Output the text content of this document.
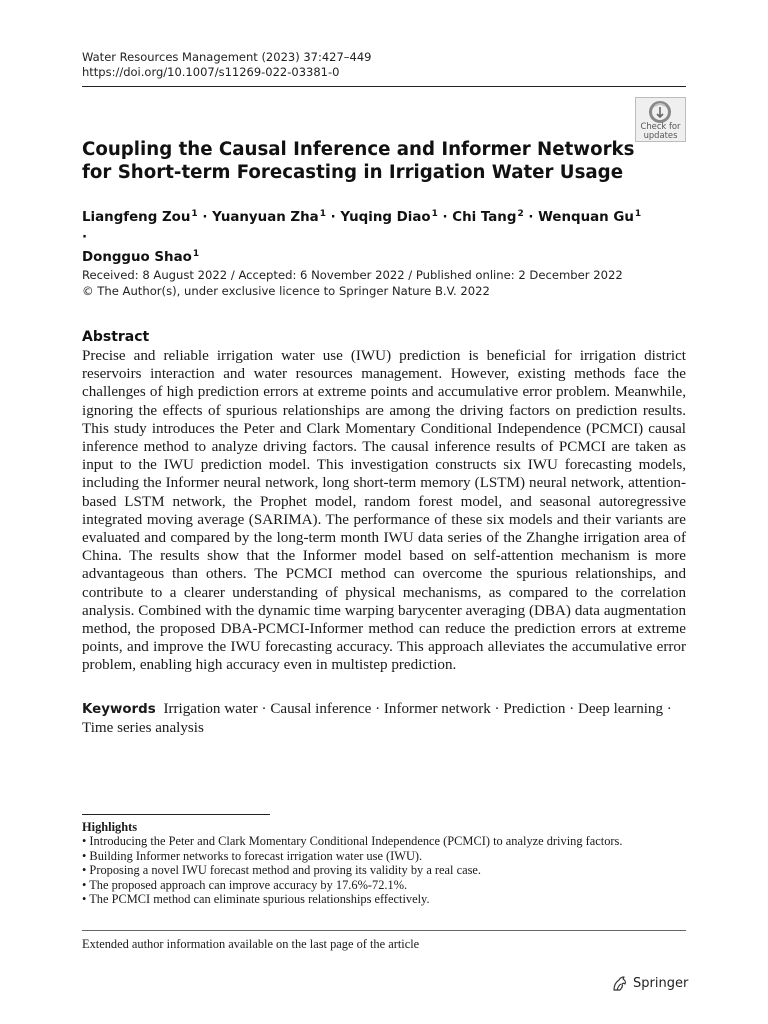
Water Resources Management (2023) 37:427–449
https://doi.org/10.1007/s11269-022-03381-0
Check for
updates
Coupling the Causal Inference and Informer Networks
for Short-term Forecasting in Irrigation Water Usage
Liangfeng Zou$^1$ · Yuanyuan Zha$^1$ · Yuqing Diao$^1$ · Chi Tang$^2$ · Wenquan $Gu^1$ ·
Dongguo Shao$^1$
Received: 8 August 2022 / Accepted: 6 November 2022 / Published online: 2 December 2022
© The Author(s), under exclusive licence to Springer Nature B.V. 2022
Abstract
Precise and reliable irrigation water use (IWU) prediction is beneficial for irrigation district reservoirs interaction and water resources management. However, existing methods face the challenges of high prediction errors at extreme points and accumulative error problem. Meanwhile, ignoring the effects of spurious relationships are among the driving factors on prediction results. This study introduces the Peter and Clark Momentary Conditional Independence (PCMCI) causal inference method to analyze driving factors. The causal inference results of PCMCI are taken as input to the IWU prediction model. This investigation constructs six IWU forecasting models, including the Informer neural network, long short-term memory (LSTM) neural network, attention-based LSTM network, the Prophet model, random forest model, and seasonal autoregressive integrated moving average (SARIMA). The performance of these six models and their variants are evaluated and compared by the long-term month IWU data series of the Zhanghe irrigation area of China. The results show that the Informer model based on self-attention mechanism is more advantageous than others. The PCMCI method can overcome the spurious relationships, and contribute to a clearer understanding of physical mechanisms, as compared to the correlation analysis. Combined with the dynamic time warping barycenter averaging (DBA) data augmentation method, the proposed DBA-PCMCI-Informer method can reduce the prediction errors at extreme points, and improve the IWU forecasting accuracy. This approach alleviates the accumulative error problem, enabling high accuracy even in multistep prediction.
Keywords Irrigation water · Causal inference · Informer network · Prediction · Deep learning · Time series analysis
Highlights
• Introducing the Peter and Clark Momentary Conditional Independence (PCMCI) to analyze driving factors.
• Building Informer networks to forecast irrigation water use (IWU).
• Proposing a novel IWU forecast method and proving its validity by a real case.
• The proposed approach can improve accuracy by 17.6%-72.1%.
• The PCMCI method can eliminate spurious relationships effectively.
Extended author information available on the last page of the article
Springer
